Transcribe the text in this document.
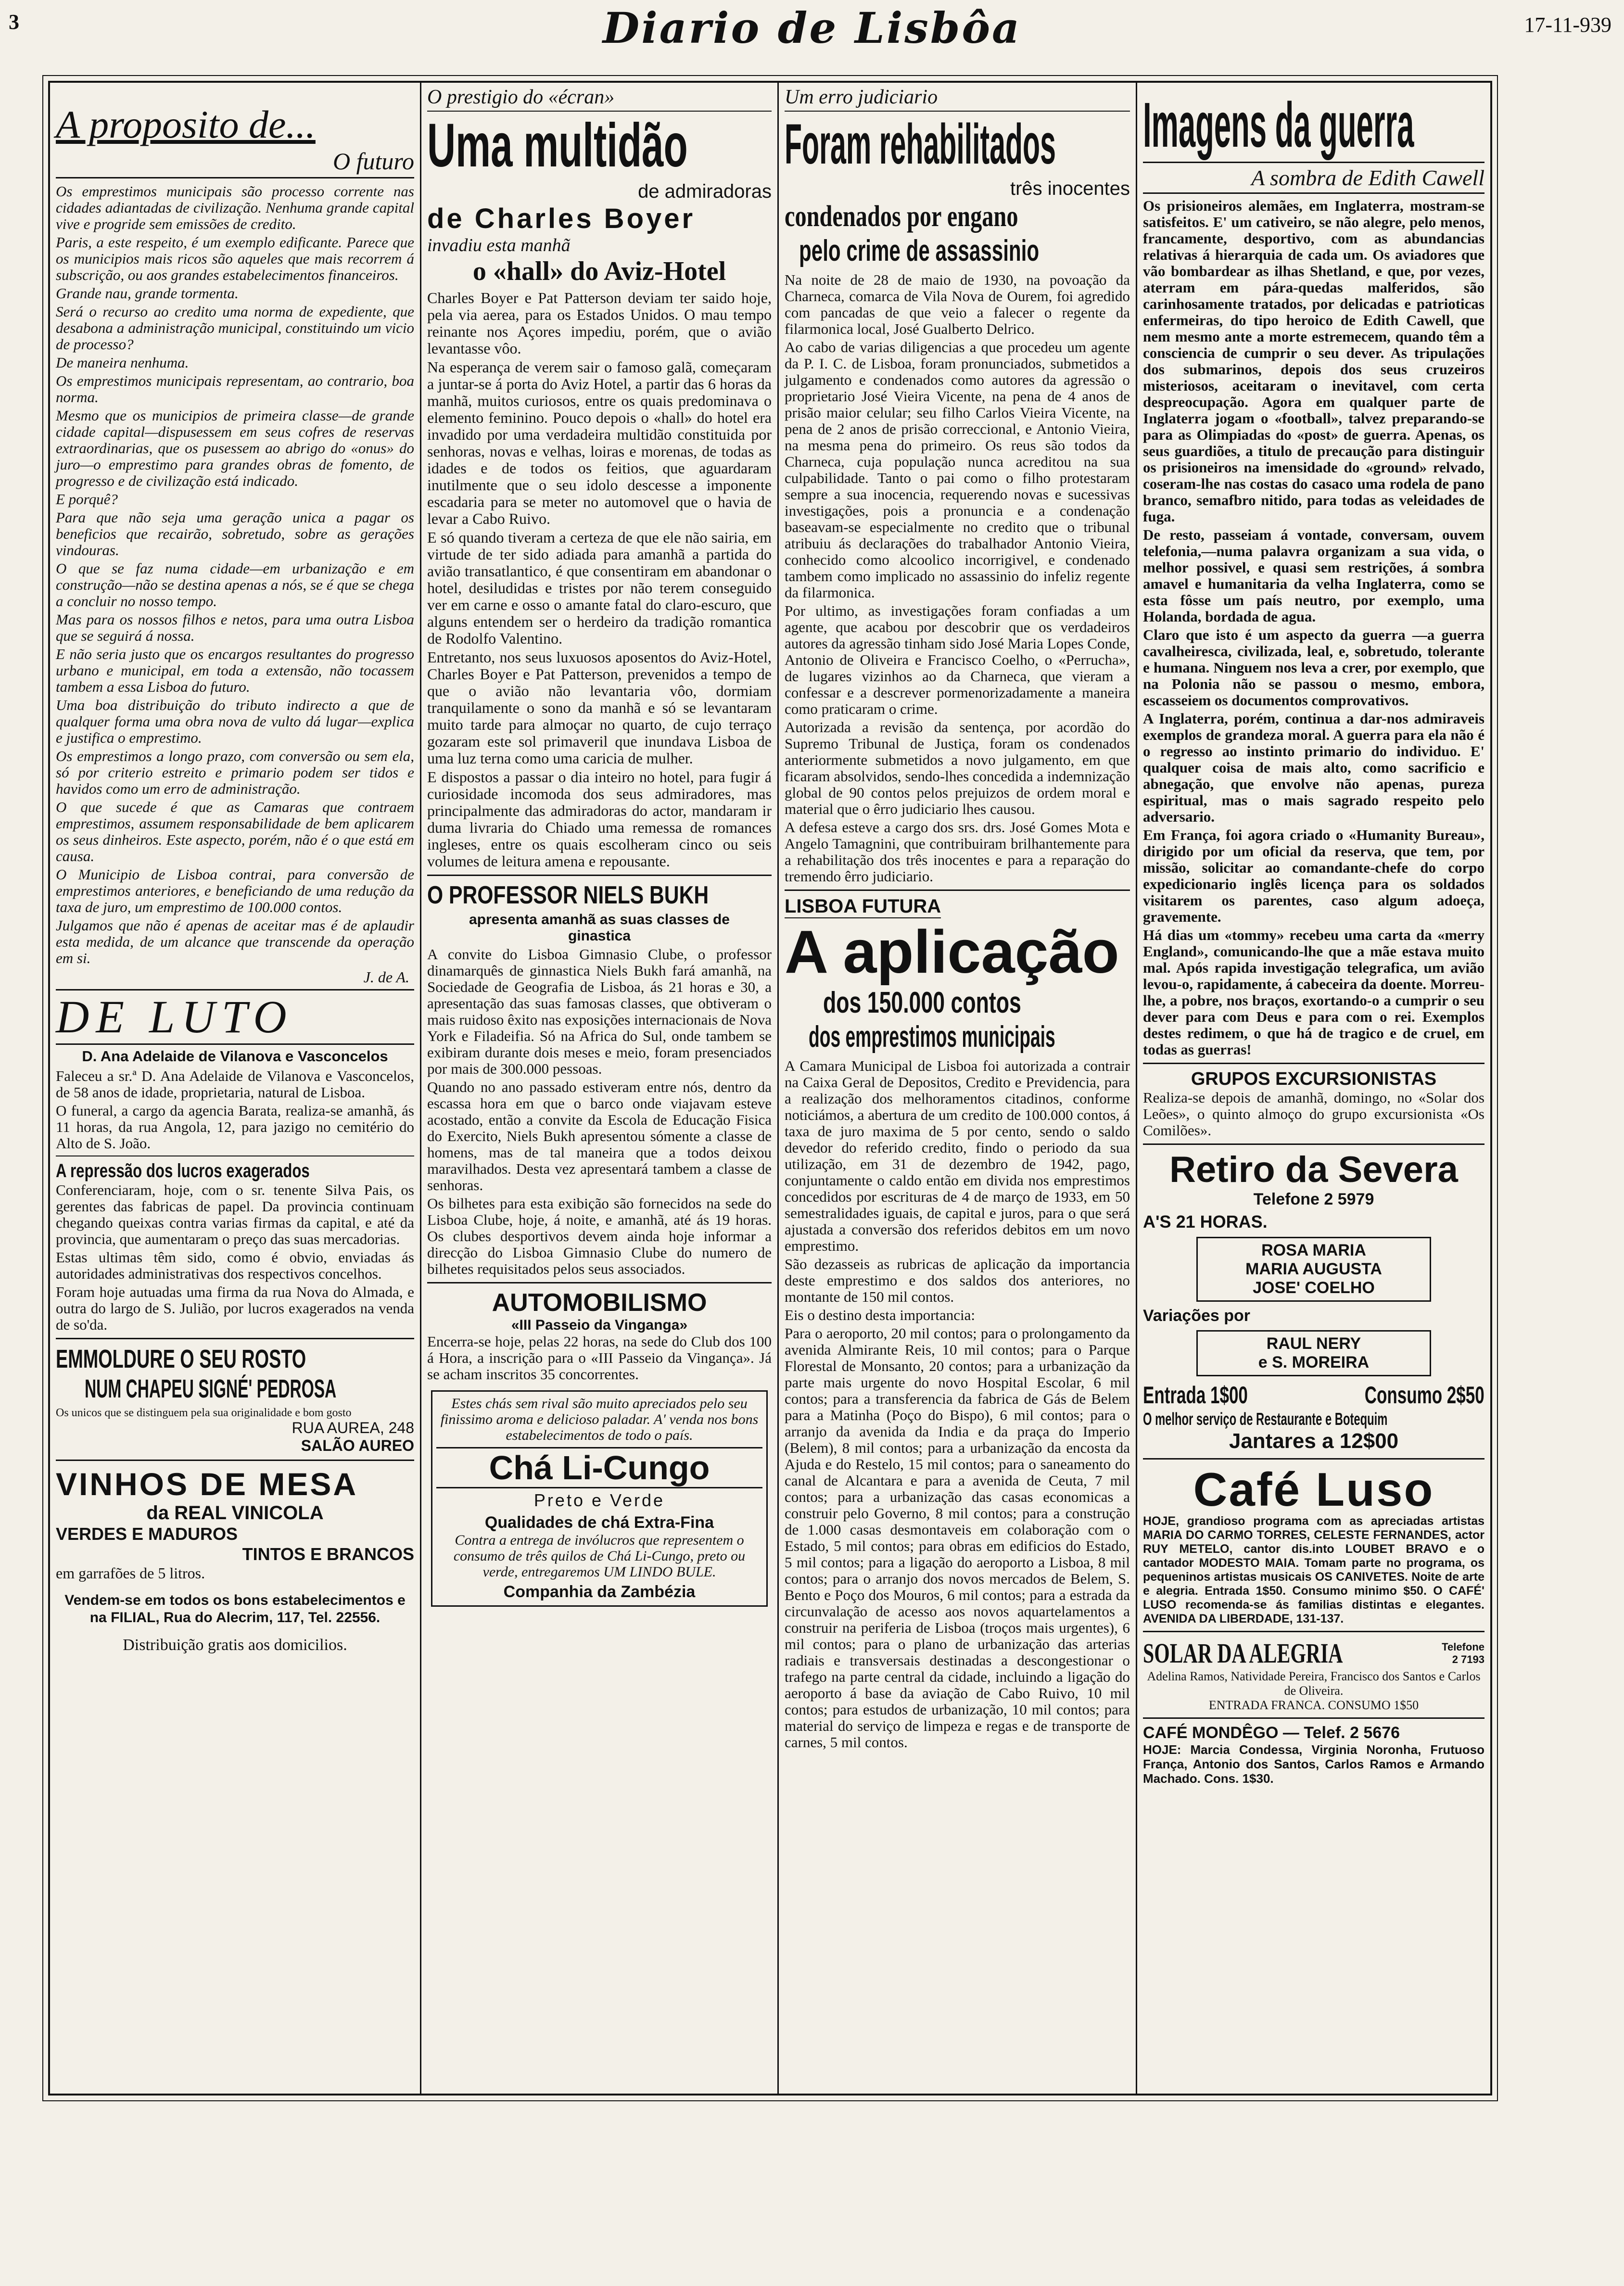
3	Diario de Lisbôa	17-11-939
A proposito de...
O futuro

Os emprestimos municipais são processo corrente nas cidades adiantadas de civilização. Nenhuma grande capital vive e progride sem emissões de credito.

Paris, a este respeito, é um exemplo edificante. Parece que os municipios mais ricos são aqueles que mais recorrem á subscrição, ou aos grandes estabelecimentos financeiros.

Grande nau, grande tormenta.

Será o recurso ao credito uma norma de expediente, que desabona a administração municipal, constituindo um vicio de processo?

De maneira nenhuma.

Os emprestimos municipais representam, ao contrario, boa norma.

Mesmo que os municipios de primeira classe—de grande cidade capital—dispusessem em seus cofres de reservas extraordinarias, que os pusessem ao abrigo do «onus» do juro—o emprestimo para grandes obras de fomento, de progresso e de civilização está indicado.

E porquê?

Para que não seja uma geração unica a pagar os beneficios que recairão, sobretudo, sobre as gerações vindouras.

O que se faz numa cidade—em urbanização e em construção—não se destina apenas a nós, se é que se chega a concluir no nosso tempo.

Mas para os nossos filhos e netos, para uma outra Lisboa que se seguirá á nossa.

E não seria justo que os encargos resultantes do progresso urbano e municipal, em toda a extensão, não tocassem tambem a essa Lisboa do futuro.

Uma boa distribuição do tributo indirecto a que de qualquer forma uma obra nova de vulto dá lugar—explica e justifica o emprestimo.

Os emprestimos a longo prazo, com conversão ou sem ela, só por criterio estreito e primario podem ser tidos e havidos como um erro de administração.

O que sucede é que as Camaras que contraem emprestimos, assumem responsabilidade de bem aplicarem os seus dinheiros. Este aspecto, porém, não é o que está em causa.

O Municipio de Lisboa contrai, para conversão de emprestimos anteriores, e beneficiando de uma redução da taxa de juro, um emprestimo de 100.000 contos.

Julgamos que não é apenas de aceitar mas é de aplaudir esta medida, de um alcance que transcende da operação em si.

J. de A.
DE LUTO
D. Ana Adelaide de Vilanova e Vasconcelos

Faleceu a sr.ª D. Ana Adelaide de Vilanova e Vasconcelos, de 58 anos de idade, proprietaria, natural de Lisboa.

O funeral, a cargo da agencia Barata, realiza-se amanhã, ás 11 horas, da rua Angola, 12, para jazigo no cemitério do Alto de S. João.

A repressão dos lucros exagerados

Conferenciaram, hoje, com o sr. tenente Silva Pais, os gerentes das fabricas de papel. Da provincia continuam chegando queixas contra varias firmas da capital, e até da provincia, que aumentaram o preço das suas mercadorias.

Estas ultimas têm sido, como é obvio, enviadas ás autoridades administrativas dos respectivos concelhos.

Foram hoje autuadas uma firma da rua Nova do Almada, e outra do largo de S. Julião, por lucros exagerados na venda de so'da.

EMMOLDURE O SEU ROSTO
NUM CHAPEU SIGNÉ' PEDROSA
Os unicos que se distinguem pela sua originalidade e bom gosto
RUA AUREA, 248
SALÃO AUREO
VINHOS DE MESA
da REAL VINICOLA
VERDES E MADUROS
TINTOS E BRANCOS
em garrafões de 5 litros.
Vendem-se em todos os bons estabelecimentos e na FILIAL, Rua do Alecrim, 117, Tel. 22556.
Distribuição gratis aos domicilios.
O prestigio do «écran»
Uma multidão
de admiradoras
de Charles Boyer
invadiu esta manhã
o «hall» do Aviz-Hotel

Charles Boyer e Pat Patterson deviam ter saido hoje, pela via aerea, para os Estados Unidos. O mau tempo reinante nos Açores impediu, porém, que o avião levantasse vôo.

Na esperança de verem sair o famoso galã, começaram a juntar-se á porta do Aviz Hotel, a partir das 6 horas da manhã, muitos curiosos, entre os quais predominava o elemento feminino. Pouco depois o «hall» do hotel era invadido por uma verdadeira multidão constituida por senhoras, novas e velhas, loiras e morenas, de todas as idades e de todos os feitios, que aguardaram inutilmente que o seu idolo descesse a imponente escadaria para se meter no automovel que o havia de levar a Cabo Ruivo.

E só quando tiveram a certeza de que ele não sairia, em virtude de ter sido adiada para amanhã a partida do avião transatlantico, é que consentiram em abandonar o hotel, desiludidas e tristes por não terem conseguido ver em carne e osso o amante fatal do claro-escuro, que alguns entendem ser o herdeiro da tradição romantica de Rodolfo Valentino.

Entretanto, nos seus luxuosos aposentos do Aviz-Hotel, Charles Boyer e Pat Patterson, prevenidos a tempo de que o avião não levantaria vôo, dormiam tranquilamente o sono da manhã e só se levantaram muito tarde para almoçar no quarto, de cujo terraço gozaram este sol primaveril que inundava Lisboa de uma luz terna como uma caricia de mulher.

E dispostos a passar o dia inteiro no hotel, para fugir á curiosidade incomoda dos seus admiradores, mas principalmente das admiradoras do actor, mandaram ir duma livraria do Chiado uma remessa de romances ingleses, entre os quais escolheram cinco ou seis volumes de leitura amena e repousante.

O PROFESSOR NIELS BUKH
apresenta amanhã as suas classes de ginastica

A convite do Lisboa Gimnasio Clube, o professor dinamarquês de ginnastica Niels Bukh fará amanhã, na Sociedade de Geografia de Lisboa, ás 21 horas e 30, a apresentação das suas famosas classes, que obtiveram o mais ruidoso êxito nas exposições internacionais de Nova York e Filadeifia. Só na Africa do Sul, onde tambem se exibiram durante dois meses e meio, foram presenciados por mais de 300.000 pessoas.

Quando no ano passado estiveram entre nós, dentro da escassa hora em que o barco onde viajavam esteve acostado, então a convite da Escola de Educação Fisica do Exercito, Niels Bukh apresentou sómente a classe de homens, mas de tal maneira que a todos deixou maravilhados. Desta vez apresentará tambem a classe de senhoras.

Os bilhetes para esta exibição são fornecidos na sede do Lisboa Clube, hoje, á noite, e amanhã, até ás 19 horas. Os clubes desportivos devem ainda hoje informar a direcção do Lisboa Gimnasio Clube do numero de bilhetes requisitados pelos seus associados.

AUTOMOBILISMO
«III Passeio da Vinganga»

Encerra-se hoje, pelas 22 horas, na sede do Club dos 100 á Hora, a inscrição para o «III Passeio da Vingança». Já se acham inscritos 35 concorrentes.

Estes chás sem rival são muito apreciados pelo seu finissimo aroma e delicioso paladar. A' venda nos bons estabelecimentos de todo o país.
Chá Li-Cungo
Preto e Verde
Qualidades de chá Extra-Fina
Contra a entrega de invólucros que representem o consumo de três quilos de Chá Li-Cungo, preto ou verde, entregaremos UM LINDO BULE.
Companhia da Zambézia
Um erro judiciario
Foram rehabilitados
três inocentes
condenados por engano
pelo crime de assassinio

Na noite de 28 de maio de 1930, na povoação da Charneca, comarca de Vila Nova de Ourem, foi agredido com pancadas de que veio a falecer o regente da filarmonica local, José Gualberto Delrico.

Ao cabo de varias diligencias a que procedeu um agente da P. I. C. de Lisboa, foram pronunciados, submetidos a julgamento e condenados como autores da agressão o proprietario José Vieira Vicente, na pena de 4 anos de prisão maior celular; seu filho Carlos Vieira Vicente, na pena de 2 anos de prisão correccional, e Antonio Vieira, na mesma pena do primeiro. Os reus são todos da Charneca, cuja população nunca acreditou na sua culpabilidade. Tanto o pai como o filho protestaram sempre a sua inocencia, requerendo novas e sucessivas investigações, pois a pronuncia e a condenação baseavam-se especialmente no credito que o tribunal atribuiu ás declarações do trabalhador Antonio Vieira, conhecido como alcoolico incorrigivel, e condenado tambem como implicado no assassinio do infeliz regente da filarmonica.

Por ultimo, as investigações foram confiadas a um agente, que acabou por descobrir que os verdadeiros autores da agressão tinham sido José Maria Lopes Conde, Antonio de Oliveira e Francisco Coelho, o «Perrucha», de lugares vizinhos ao da Charneca, que vieram a confessar e a descrever pormenorizadamente a maneira como praticaram o crime.

Autorizada a revisão da sentença, por acordão do Supremo Tribunal de Justiça, foram os condenados anteriormente submetidos a novo julgamento, em que ficaram absolvidos, sendo-lhes concedida a indemnização global de 90 contos pelos prejuizos de ordem moral e material que o êrro judiciario lhes causou.

A defesa esteve a cargo dos srs. drs. José Gomes Mota e Angelo Tamagnini, que contribuiram brilhantemente para a rehabilitação dos três inocentes e para a reparação do tremendo êrro judiciario.

LISBOA FUTURA
A aplicação
dos 150.000 contos
dos emprestimos municipais

A Camara Municipal de Lisboa foi autorizada a contrair na Caixa Geral de Depositos, Credito e Previdencia, para a realização dos melhoramentos citadinos, conforme noticiámos, a abertura de um credito de 100.000 contos, á taxa de juro maxima de 5 por cento, sendo o saldo devedor do referido credito, findo o periodo da sua utilização, em 31 de dezembro de 1942, pago, conjuntamente o caldo então em divida nos emprestimos concedidos por escrituras de 4 de março de 1933, em 50 semestralidades iguais, de capital e juros, para o que será ajustada a conversão dos referidos debitos em um novo emprestimo.

São dezasseis as rubricas de aplicação da importancia deste emprestimo e dos saldos dos anteriores, no montante de 150 mil contos.

Eis o destino desta importancia:

Para o aeroporto, 20 mil contos; para o prolongamento da avenida Almirante Reis, 10 mil contos; para o Parque Florestal de Monsanto, 20 contos; para a urbanização da parte mais urgente do novo Hospital Escolar, 6 mil contos; para a transferencia da fabrica de Gás de Belem para a Matinha (Poço do Bispo), 6 mil contos; para o arranjo da avenida da India e da praça do Imperio (Belem), 8 mil contos; para a urbanização da encosta da Ajuda e do Restelo, 15 mil contos; para o saneamento do canal de Alcantara e para a avenida de Ceuta, 7 mil contos; para a urbanização das casas economicas a construir pelo Governo, 8 mil contos; para a construção de 1.000 casas desmontaveis em colaboração com o Estado, 5 mil contos; para obras em edificios do Estado, 5 mil contos; para a ligação do aeroporto a Lisboa, 8 mil contos; para o arranjo dos novos mercados de Belem, S. Bento e Poço dos Mouros, 6 mil contos; para a estrada da circunvalação de acesso aos novos aquartelamentos a construir na periferia de Lisboa (troços mais urgentes), 6 mil contos; para o plano de urbanização das arterias radiais e transversais destinadas a descongestionar o trafego na parte central da cidade, incluindo a ligação do aeroporto á base da aviação de Cabo Ruivo, 10 mil contos; para estudos de urbanização, 10 mil contos; para material do serviço de limpeza e regas e de transporte de carnes, 5 mil contos.

Imagens da guerra
A sombra de Edith Cawell

Os prisioneiros alemães, em Inglaterra, mostram-se satisfeitos. E' um cativeiro, se não alegre, pelo menos, francamente, desportivo, com as abundancias relativas á hierarquia de cada um. Os aviadores que vão bombardear as ilhas Shetland, e que, por vezes, aterram em pára-quedas malferidos, são carinhosamente tratados, por delicadas e patrioticas enfermeiras, do tipo heroico de Edith Cawell, que nem mesmo ante a morte estremecem, quando têm a consciencia de cumprir o seu dever. As tripulações dos submarinos, depois dos seus cruzeiros misteriosos, aceitaram o inevitavel, com certa despreocupação. Agora em qualquer parte de Inglaterra jogam o «football», talvez preparando-se para as Olimpiadas do «post» de guerra. Apenas, os seus guardiões, a titulo de precaução para distinguir os prisioneiros na imensidade do «ground» relvado, coseram-lhe nas costas do casaco uma rodela de pano branco, semafbro nitido, para todas as veleidades de fuga.

De resto, passeiam á vontade, conversam, ouvem telefonia,—numa palavra organizam a sua vida, o melhor possivel, e quasi sem restrições, á sombra amavel e humanitaria da velha Inglaterra, como se esta fôsse um país neutro, por exemplo, uma Holanda, bordada de agua.

Claro que isto é um aspecto da guerra —a guerra cavalheiresca, civilizada, leal, e, sobretudo, tolerante e humana. Ninguem nos leva a crer, por exemplo, que na Polonia não se passou o mesmo, embora, escasseiem os documentos comprovativos.

A Inglaterra, porém, continua a dar-nos admiraveis exemplos de grandeza moral. A guerra para ela não é o regresso ao instinto primario do individuo. E' qualquer coisa de mais alto, como sacrificio e abnegação, que envolve não apenas, pureza espiritual, mas o mais sagrado respeito pelo adversario.

Em França, foi agora criado o «Humanity Bureau», dirigido por um oficial da reserva, que tem, por missão, solicitar ao comandante-chefe do corpo expedicionario inglês licença para os soldados visitarem os parentes, caso algum adoeça, gravemente.

Há dias um «tommy» recebeu uma carta da «merry England», comunicando-lhe que a mãe estava muito mal. Após rapida investigação telegrafica, um avião levou-o, rapidamente, á cabeceira da doente. Morreu-lhe, a pobre, nos braços, exortando-o a cumprir o seu dever para com Deus e para com o rei. Exemplos destes redimem, o que há de tragico e de cruel, em todas as guerras!

GRUPOS EXCURSIONISTAS

Realiza-se depois de amanhã, domingo, no «Solar dos Leões», o quinto almoço do grupo excursionista «Os Comilões».

Retiro da Severa
Telefone 2 5979
A'S 21 HORAS.
ROSA MARIA
MARIA AUGUSTA
JOSE' COELHO
Variações por
RAUL NERY
e S. MOREIRA
Entrada 1$00	Consumo 2$50
O melhor serviço de Restaurante e Botequim
Jantares a 12$00
Café Luso
HOJE, grandioso programa com as apreciadas artistas MARIA DO CARMO TORRES, CELESTE FERNANDES, actor RUY METELO, cantor dis.into LOUBET BRAVO e o cantador MODESTO MAIA. Tomam parte no programa, os pequeninos artistas musicais OS CANIVETES. Noite de arte e alegria. Entrada 1$50. Consumo minimo $50. O CAFÉ' LUSO recomenda-se ás familias distintas e elegantes. AVENIDA DA LIBERDADE, 131-137.
SOLAR DA ALEGRIA	Telefone 2 7193
Adelina Ramos, Natividade Pereira, Francisco dos Santos e Carlos de Oliveira.
ENTRADA FRANCA. CONSUMO 1$50
CAFÉ MONDÊGO — Telef. 2 5676
HOJE: Marcia Condessa, Virginia Noronha, Frutuoso França, Antonio dos Santos, Carlos Ramos e Armando Machado. Cons. 1$30.
